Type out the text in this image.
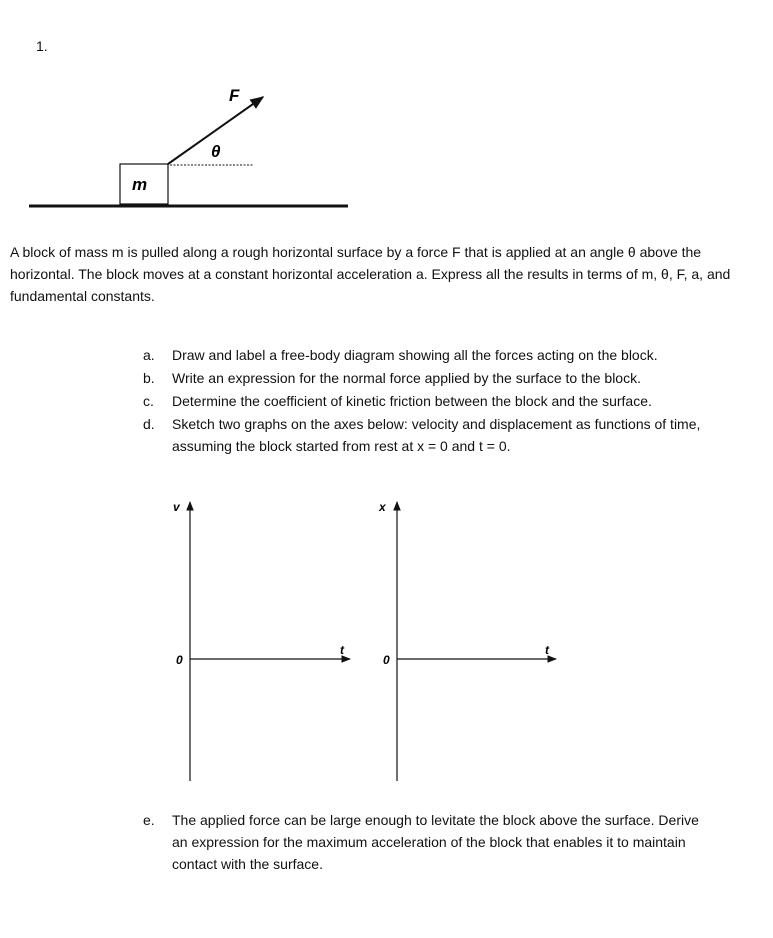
1.
m
F
θ
v
t
0
x
t
0
A block of mass m is pulled along a rough horizontal surface by a force F that is applied at an angle θ above the horizontal. The block moves at a constant horizontal acceleration a. Express all the results in terms of m, θ, F, a, and fundamental constants.
a.	Draw and label a free-body diagram showing all the forces acting on the block.
b.	Write an expression for the normal force applied by the surface to the block.
c.	Determine the coefficient of kinetic friction between the block and the surface.
d.	Sketch two graphs on the axes below: velocity and displacement as functions of time, assuming the block started from rest at x = 0 and t = 0.
e.	The applied force can be large enough to levitate the block above the surface. Derive an expression for the maximum acceleration of the block that enables it to maintain contact with the surface.
